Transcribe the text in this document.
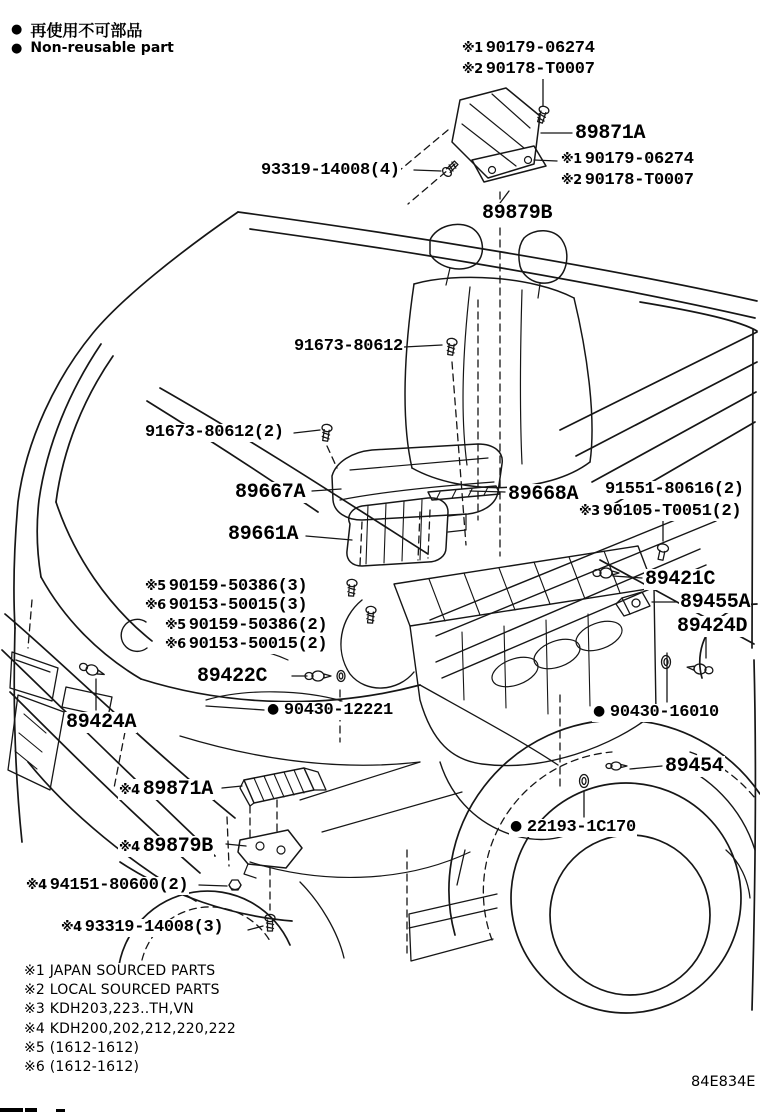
● 再使用不可部品
● Non-reusable part	※1 90179-06274
※2 90178-T0007
89871A
※1 90179-06274
※2 90178-T0007
93319-14008(4)
89879B
91673-80612
91673-80612(2)
89667A	89668A 91551-80616(2)
※3 90105-T0051(2)
89661A
※5 90159-50386(3)
※6 90153-50015(3)
※5 90159-50386(2)
※6 90153-50015(2)
89421C
89455A
89424D
89422C
● 90430-12221
89424A	● 90430-16010
89454
● 22193-1C170
※4 89871A
※4 89879B
※4 94151-80600(2)
※4 93319-14008(3)
※1 JAPAN SOURCED PARTS
※2 LOCAL SOURCED PARTS
※3 KDH203,223..TH,VN
※4 KDH200,202,212,220,222
※5 (1612-1612)
※6 (1612-1612)
84E834E
